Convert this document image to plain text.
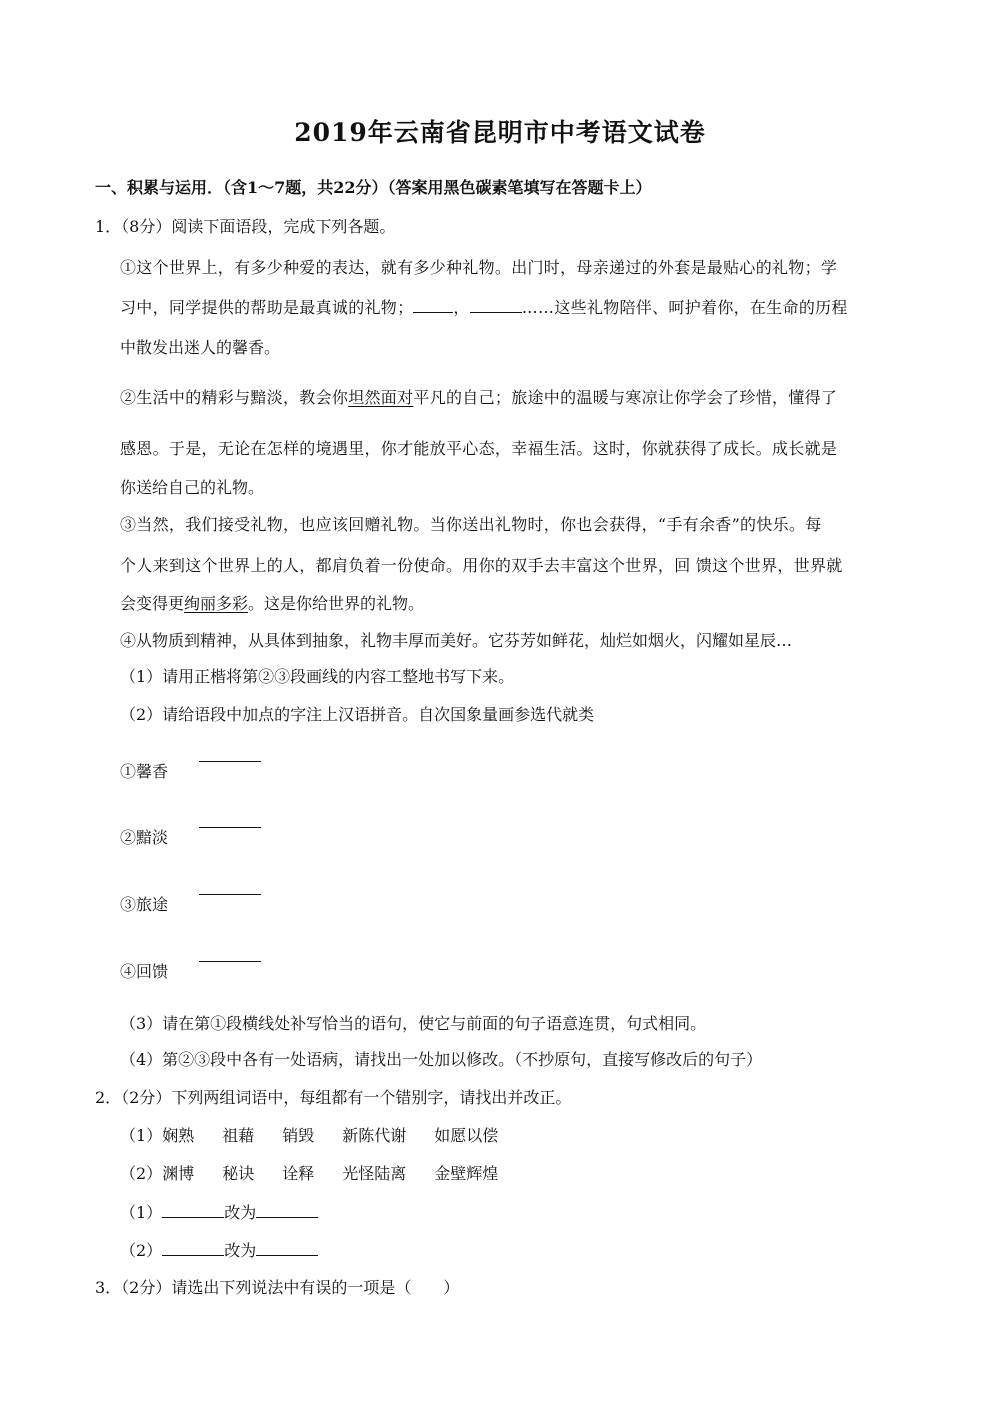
2019年云南省昆明市中考语文试卷
一、积累与运用．（含1～7题，共22分）（答案用黑色碳素笔填写在答题卡上）
1．（8分）阅读下面语段，完成下列各题。
①这个世界上，有多少种爱的表达，就有多少种礼物。出门时，母亲递过的外套是最贴心的礼物；学
习中，同学提供的帮助是最真诚的礼物；	，	……这些礼物陪伴、呵护着你，在生命的历程
中散发出迷人的馨香。
②生活中的精彩与黯淡，教会你坦然面对平凡的自己；旅途中的温暖与寒凉让你学会了珍惜，懂得了
感恩。于是，无论在怎样的境遇里，你才能放平心态，幸福生活。这时，你就获得了成长。成长就是
你送给自己的礼物。
③当然，我们接受礼物，也应该回赠礼物。当你送出礼物时，你也会获得，“手有余香”的快乐。每
个人来到这个世界上的人，都肩负着一份使命。用你的双手去丰富这个世界，回 馈这个世界，世界就
会变得更绚丽多彩。这是你给世界的礼物。
④从物质到精神，从具体到抽象，礼物丰厚而美好。它芬芳如鲜花，灿烂如烟火，闪耀如星辰…
（1）请用正楷将第②③段画线的内容工整地书写下来。
（2）请给语段中加点的字注上汉语拼音。自次国象量画参选代就类
①馨香
②黯淡
③旅途
④回馈
（3）请在第①段横线处补写恰当的语句，使它与前面的句子语意连贯，句式相同。
（4）第②③段中各有一处语病，请找出一处加以修改。（不抄原句，直接写修改后的句子）
2．（2分）下列两组词语中，每组都有一个错别字，请找出并改正。
（1）娴熟 祖藉 销毁 新陈代谢 如愿以偿
（2）渊博 秘诀 诠释 光怪陆离 金壁辉煌
（1）	改为
（2）	改为
3．（2分）请选出下列说法中有误的一项是（　　）
